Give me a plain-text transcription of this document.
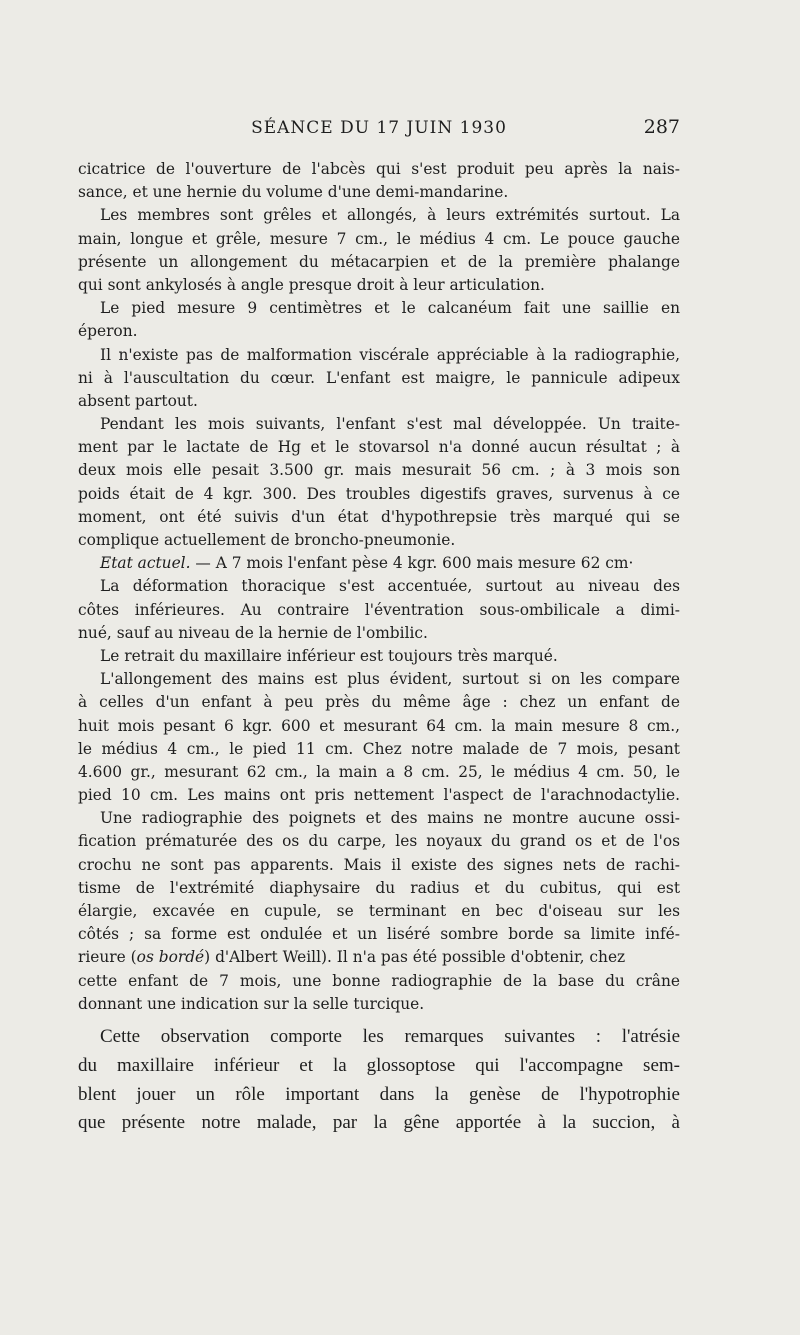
SÉANCE DU 17 JUIN 1930	287
cicatrice de l'ouverture de l'abcès qui s'est produit peu après la nais-
sance, et une hernie du volume d'une demi-mandarine.
Les membres sont grêles et allongés, à leurs extrémités surtout. La
main, longue et grêle, mesure 7 cm., le médius 4 cm. Le pouce gauche
présente un allongement du métacarpien et de la première phalange
qui sont ankylosés à angle presque droit à leur articulation.
Le pied mesure 9 centimètres et le calcanéum fait une saillie en
éperon.
Il n'existe pas de malformation viscérale appréciable à la radiographie,
ni à l'auscultation du cœur. L'enfant est maigre, le pannicule adipeux
absent partout.
Pendant les mois suivants, l'enfant s'est mal développée. Un traite-
ment par le lactate de Hg et le stovarsol n'a donné aucun résultat ; à
deux mois elle pesait 3.500 gr. mais mesurait 56 cm. ; à 3 mois son
poids était de 4 kgr. 300. Des troubles digestifs graves, survenus à ce
moment, ont été suivis d'un état d'hypothrepsie très marqué qui se
complique actuellement de broncho-pneumonie.
Etat actuel. — A 7 mois l'enfant pèse 4 kgr. 600 mais mesure 62 cm·
La déformation thoracique s'est accentuée, surtout au niveau des
côtes inférieures. Au contraire l'éventration sous-ombilicale a dimi-
nué, sauf au niveau de la hernie de l'ombilic.
Le retrait du maxillaire inférieur est toujours très marqué.
L'allongement des mains est plus évident, surtout si on les compare
à celles d'un enfant à peu près du même âge : chez un enfant de
huit mois pesant 6 kgr. 600 et mesurant 64 cm. la main mesure 8 cm.,
le médius 4 cm., le pied 11 cm. Chez notre malade de 7 mois, pesant
4.600 gr., mesurant 62 cm., la main a 8 cm. 25, le médius 4 cm. 50, le
pied 10 cm. Les mains ont pris nettement l'aspect de l'arachnodactylie.
Une radiographie des poignets et des mains ne montre aucune ossi-
fication prématurée des os du carpe, les noyaux du grand os et de l'os
crochu ne sont pas apparents. Mais il existe des signes nets de rachi-
tisme de l'extrémité diaphysaire du radius et du cubitus, qui est
élargie, excavée en cupule, se terminant en bec d'oiseau sur les
côtés ; sa forme est ondulée et un liséré sombre borde sa limite infé-
rieure (os bordé) d'Albert Weill). Il n'a pas été possible d'obtenir, chez
cette enfant de 7 mois, une bonne radiographie de la base du crâne
donnant une indication sur la selle turcique.
Cette observation comporte les remarques suivantes : l'atrésie
du maxillaire inférieur et la glossoptose qui l'accompagne sem-
blent jouer un rôle important dans la genèse de l'hypotrophie
que présente notre malade, par la gêne apportée à la succion, à
